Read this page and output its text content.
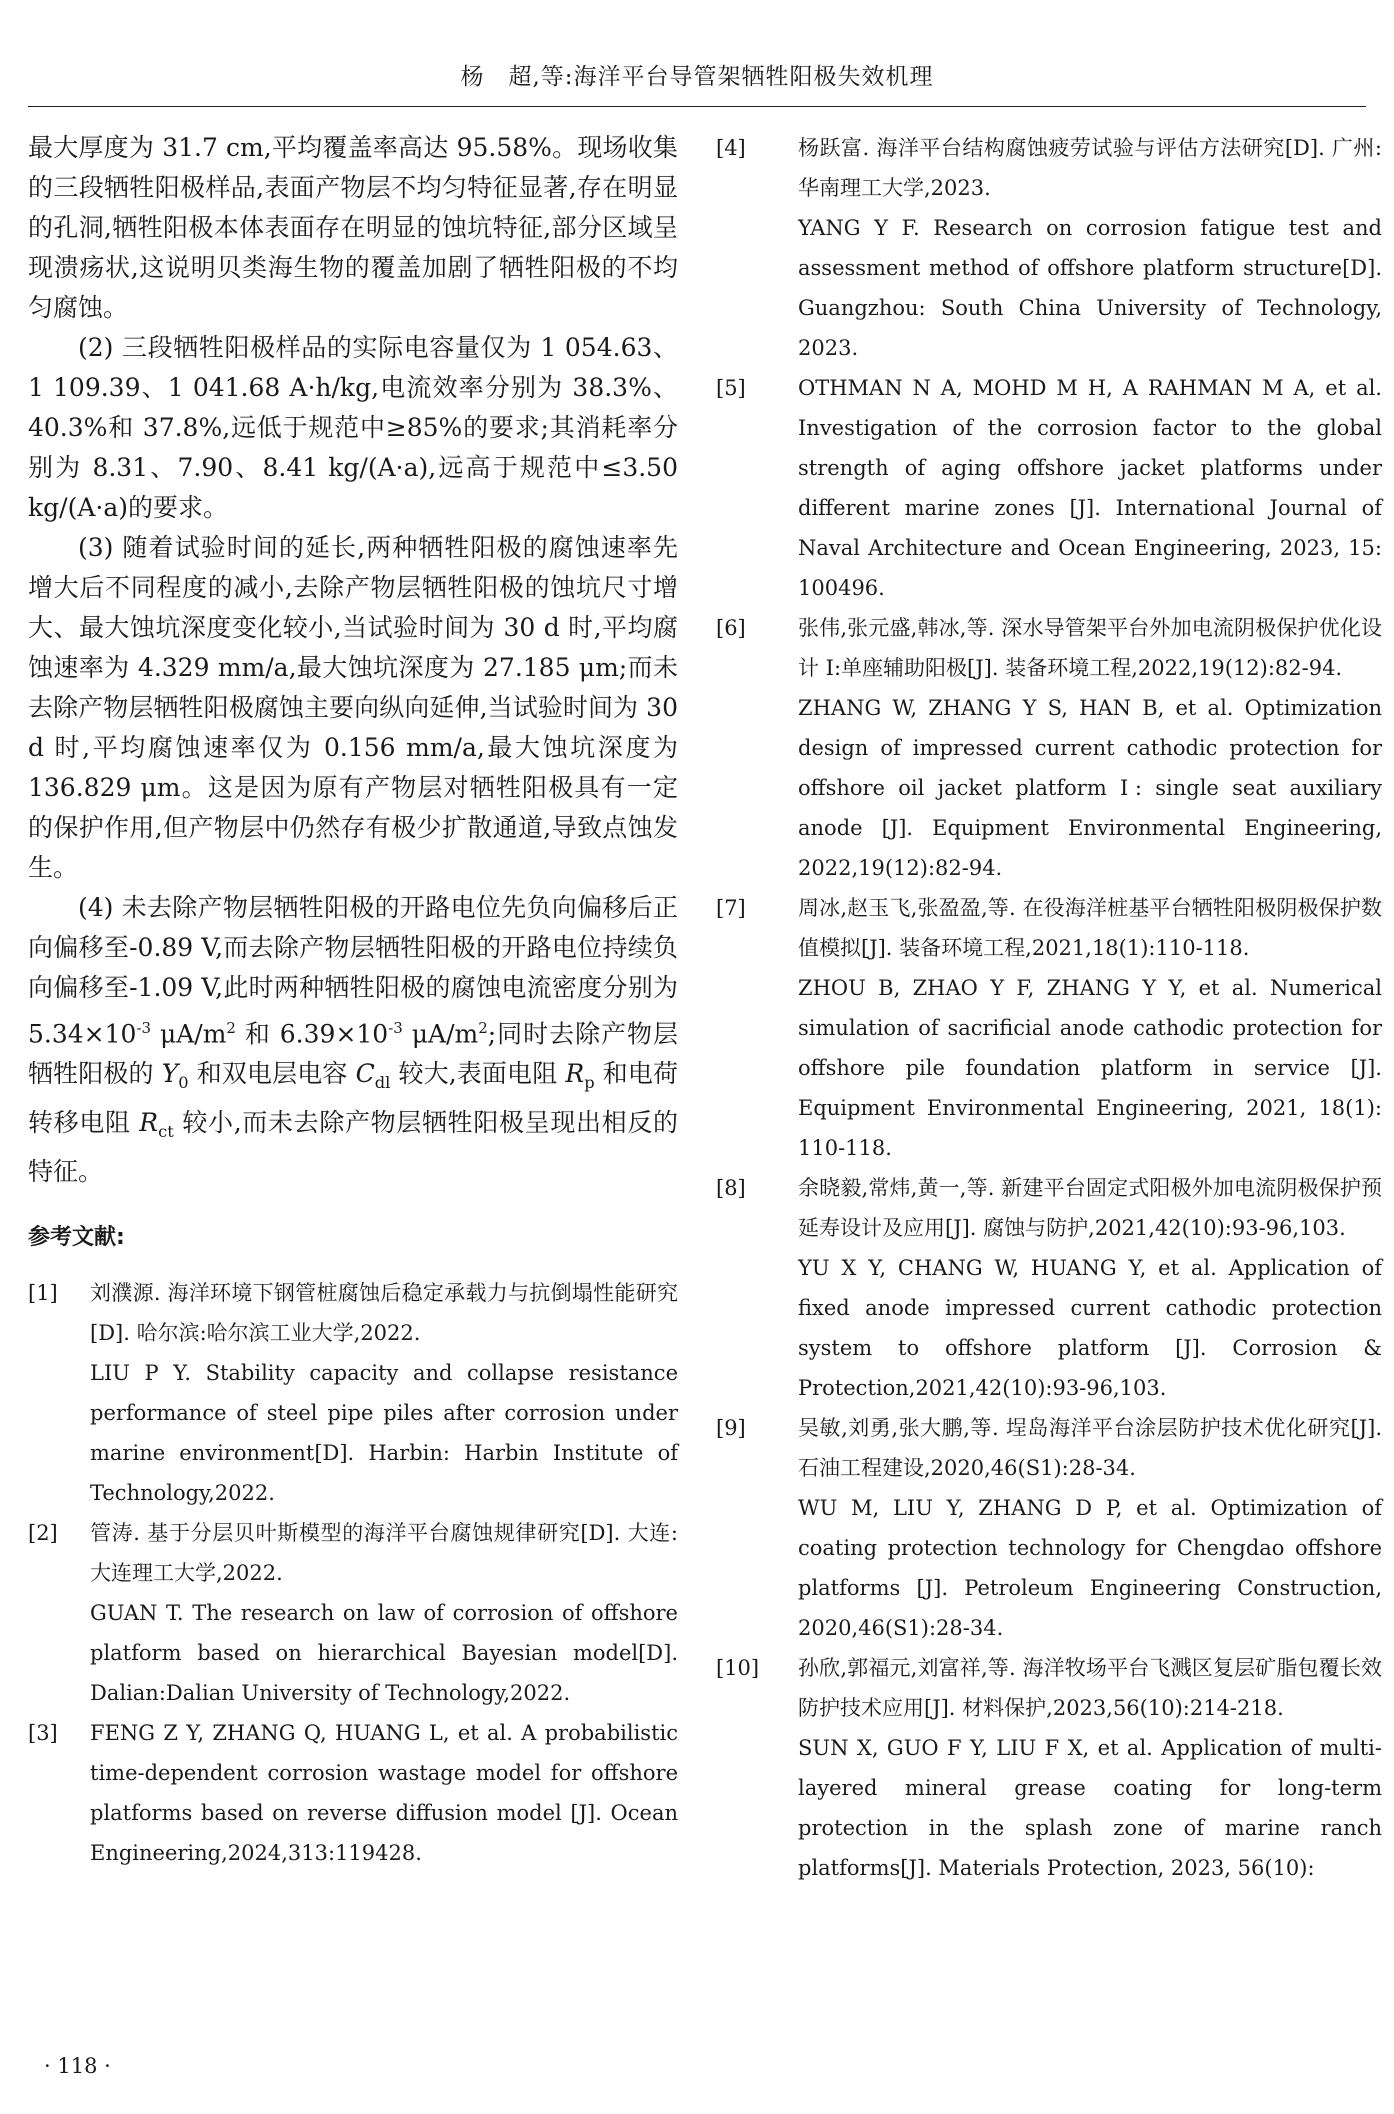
杨　超,等:海洋平台导管架牺牲阳极失效机理

最大厚度为 31.7 cm,平均覆盖率高达 95.58%。现场收集的三段牺牲阳极样品,表面产物层不均匀特征显著,存在明显的孔洞,牺牲阳极本体表面存在明显的蚀坑特征,部分区域呈现溃疡状,这说明贝类海生物的覆盖加剧了牺牲阳极的不均匀腐蚀。

(2) 三段牺牲阳极样品的实际电容量仅为 1 054.63、1 109.39、1 041.68 A·h/kg,电流效率分别为 38.3%、40.3%和 37.8%,远低于规范中≥85%的要求;其消耗率分别为 8.31、7.90、8.41 kg/(A·a),远高于规范中≤3.50 kg/(A·a)的要求。

(3) 随着试验时间的延长,两种牺牲阳极的腐蚀速率先增大后不同程度的减小,去除产物层牺牲阳极的蚀坑尺寸增大、最大蚀坑深度变化较小,当试验时间为 30 d 时,平均腐蚀速率为 4.329 mm/a,最大蚀坑深度为 27.185 μm;而未去除产物层牺牲阳极腐蚀主要向纵向延伸,当试验时间为 30 d 时,平均腐蚀速率仅为 0.156 mm/a,最大蚀坑深度为 136.829 μm。这是因为原有产物层对牺牲阳极具有一定的保护作用,但产物层中仍然存有极少扩散通道,导致点蚀发生。

(4) 未去除产物层牺牲阳极的开路电位先负向偏移后正向偏移至-0.89 V,而去除产物层牺牲阳极的开路电位持续负向偏移至-1.09 V,此时两种牺牲阳极的腐蚀电流密度分别为 $5.34\times 10^{-3}$ $\mu A/m^2$ 和 $6.39\times 10^{-3}$ $\mu A/m^2$;同时去除产物层牺牲阳极的 $Y_0$ 和双电层电容 $C_{dl}$ 较大,表面电阻 $R_p$ 和电荷转移电阻 $R_{ct}$ 较小,而未去除产物层牺牲阳极呈现出相反的特征。

参考文献:
[1]	刘濮源. 海洋环境下钢管桩腐蚀后稳定承载力与抗倒塌性能研究[D]. 哈尔滨:哈尔滨工业大学,2022.

LIU P Y. Stability capacity and collapse resistance performance of steel pipe piles after corrosion under marine environment[D]. Harbin: Harbin Institute of Technology,2022.

[2]	管涛. 基于分层贝叶斯模型的海洋平台腐蚀规律研究[D]. 大连:大连理工大学,2022.

GUAN T. The research on law of corrosion of offshore platform based on hierarchical Bayesian model[D]. Dalian:Dalian University of Technology,2022.

[3]	FENG Z Y, ZHANG Q, HUANG L, et al. A probabilistic time-dependent corrosion wastage model for offshore platforms based on reverse diffusion model [J]. Ocean Engineering,2024,313:119428.

[4]	杨跃富. 海洋平台结构腐蚀疲劳试验与评估方法研究[D]. 广州:华南理工大学,2023.

YANG Y F. Research on corrosion fatigue test and assessment method of offshore platform structure[D]. Guangzhou: South China University of Technology, 2023.

[5]	OTHMAN N A, MOHD M H, A RAHMAN M A, et al. Investigation of the corrosion factor to the global strength of aging offshore jacket platforms under different marine zones [J]. International Journal of Naval Architecture and Ocean Engineering, 2023, 15: 100496.

[6]	张伟,张元盛,韩冰,等. 深水导管架平台外加电流阴极保护优化设计 Ⅰ:单座辅助阳极[J]. 装备环境工程,2022,19(12):82-94.

ZHANG W, ZHANG Y S, HAN B, et al. Optimization design of impressed current cathodic protection for offshore oil jacket platform Ⅰ: single seat auxiliary anode [J]. Equipment Environmental Engineering, 2022,19(12):82-94.

[7]	周冰,赵玉飞,张盈盈,等. 在役海洋桩基平台牺牲阳极阴极保护数值模拟[J]. 装备环境工程,2021,18(1):110-118.

ZHOU B, ZHAO Y F, ZHANG Y Y, et al. Numerical simulation of sacrificial anode cathodic protection for offshore pile foundation platform in service [J]. Equipment Environmental Engineering, 2021, 18(1): 110-118.

[8]	余晓毅,常炜,黄一,等. 新建平台固定式阳极外加电流阴极保护预延寿设计及应用[J]. 腐蚀与防护,2021,42(10):93-96,103.

YU X Y, CHANG W, HUANG Y, et al. Application of fixed anode impressed current cathodic protection system to offshore platform [J]. Corrosion & Protection,2021,42(10):93-96,103.

[9]	吴敏,刘勇,张大鹏,等. 埕岛海洋平台涂层防护技术优化研究[J]. 石油工程建设,2020,46(S1):28-34.

WU M, LIU Y, ZHANG D P, et al. Optimization of coating protection technology for Chengdao offshore platforms [J]. Petroleum Engineering Construction, 2020,46(S1):28-34.

[10]	孙欣,郭福元,刘富祥,等. 海洋牧场平台飞溅区复层矿脂包覆长效防护技术应用[J]. 材料保护,2023,56(10):214-218.

SUN X, GUO F Y, LIU F X, et al. Application of multi-layered mineral grease coating for long-term protection in the splash zone of marine ranch platforms[J]. Materials Protection, 2023, 56(10):

· 118 ·
